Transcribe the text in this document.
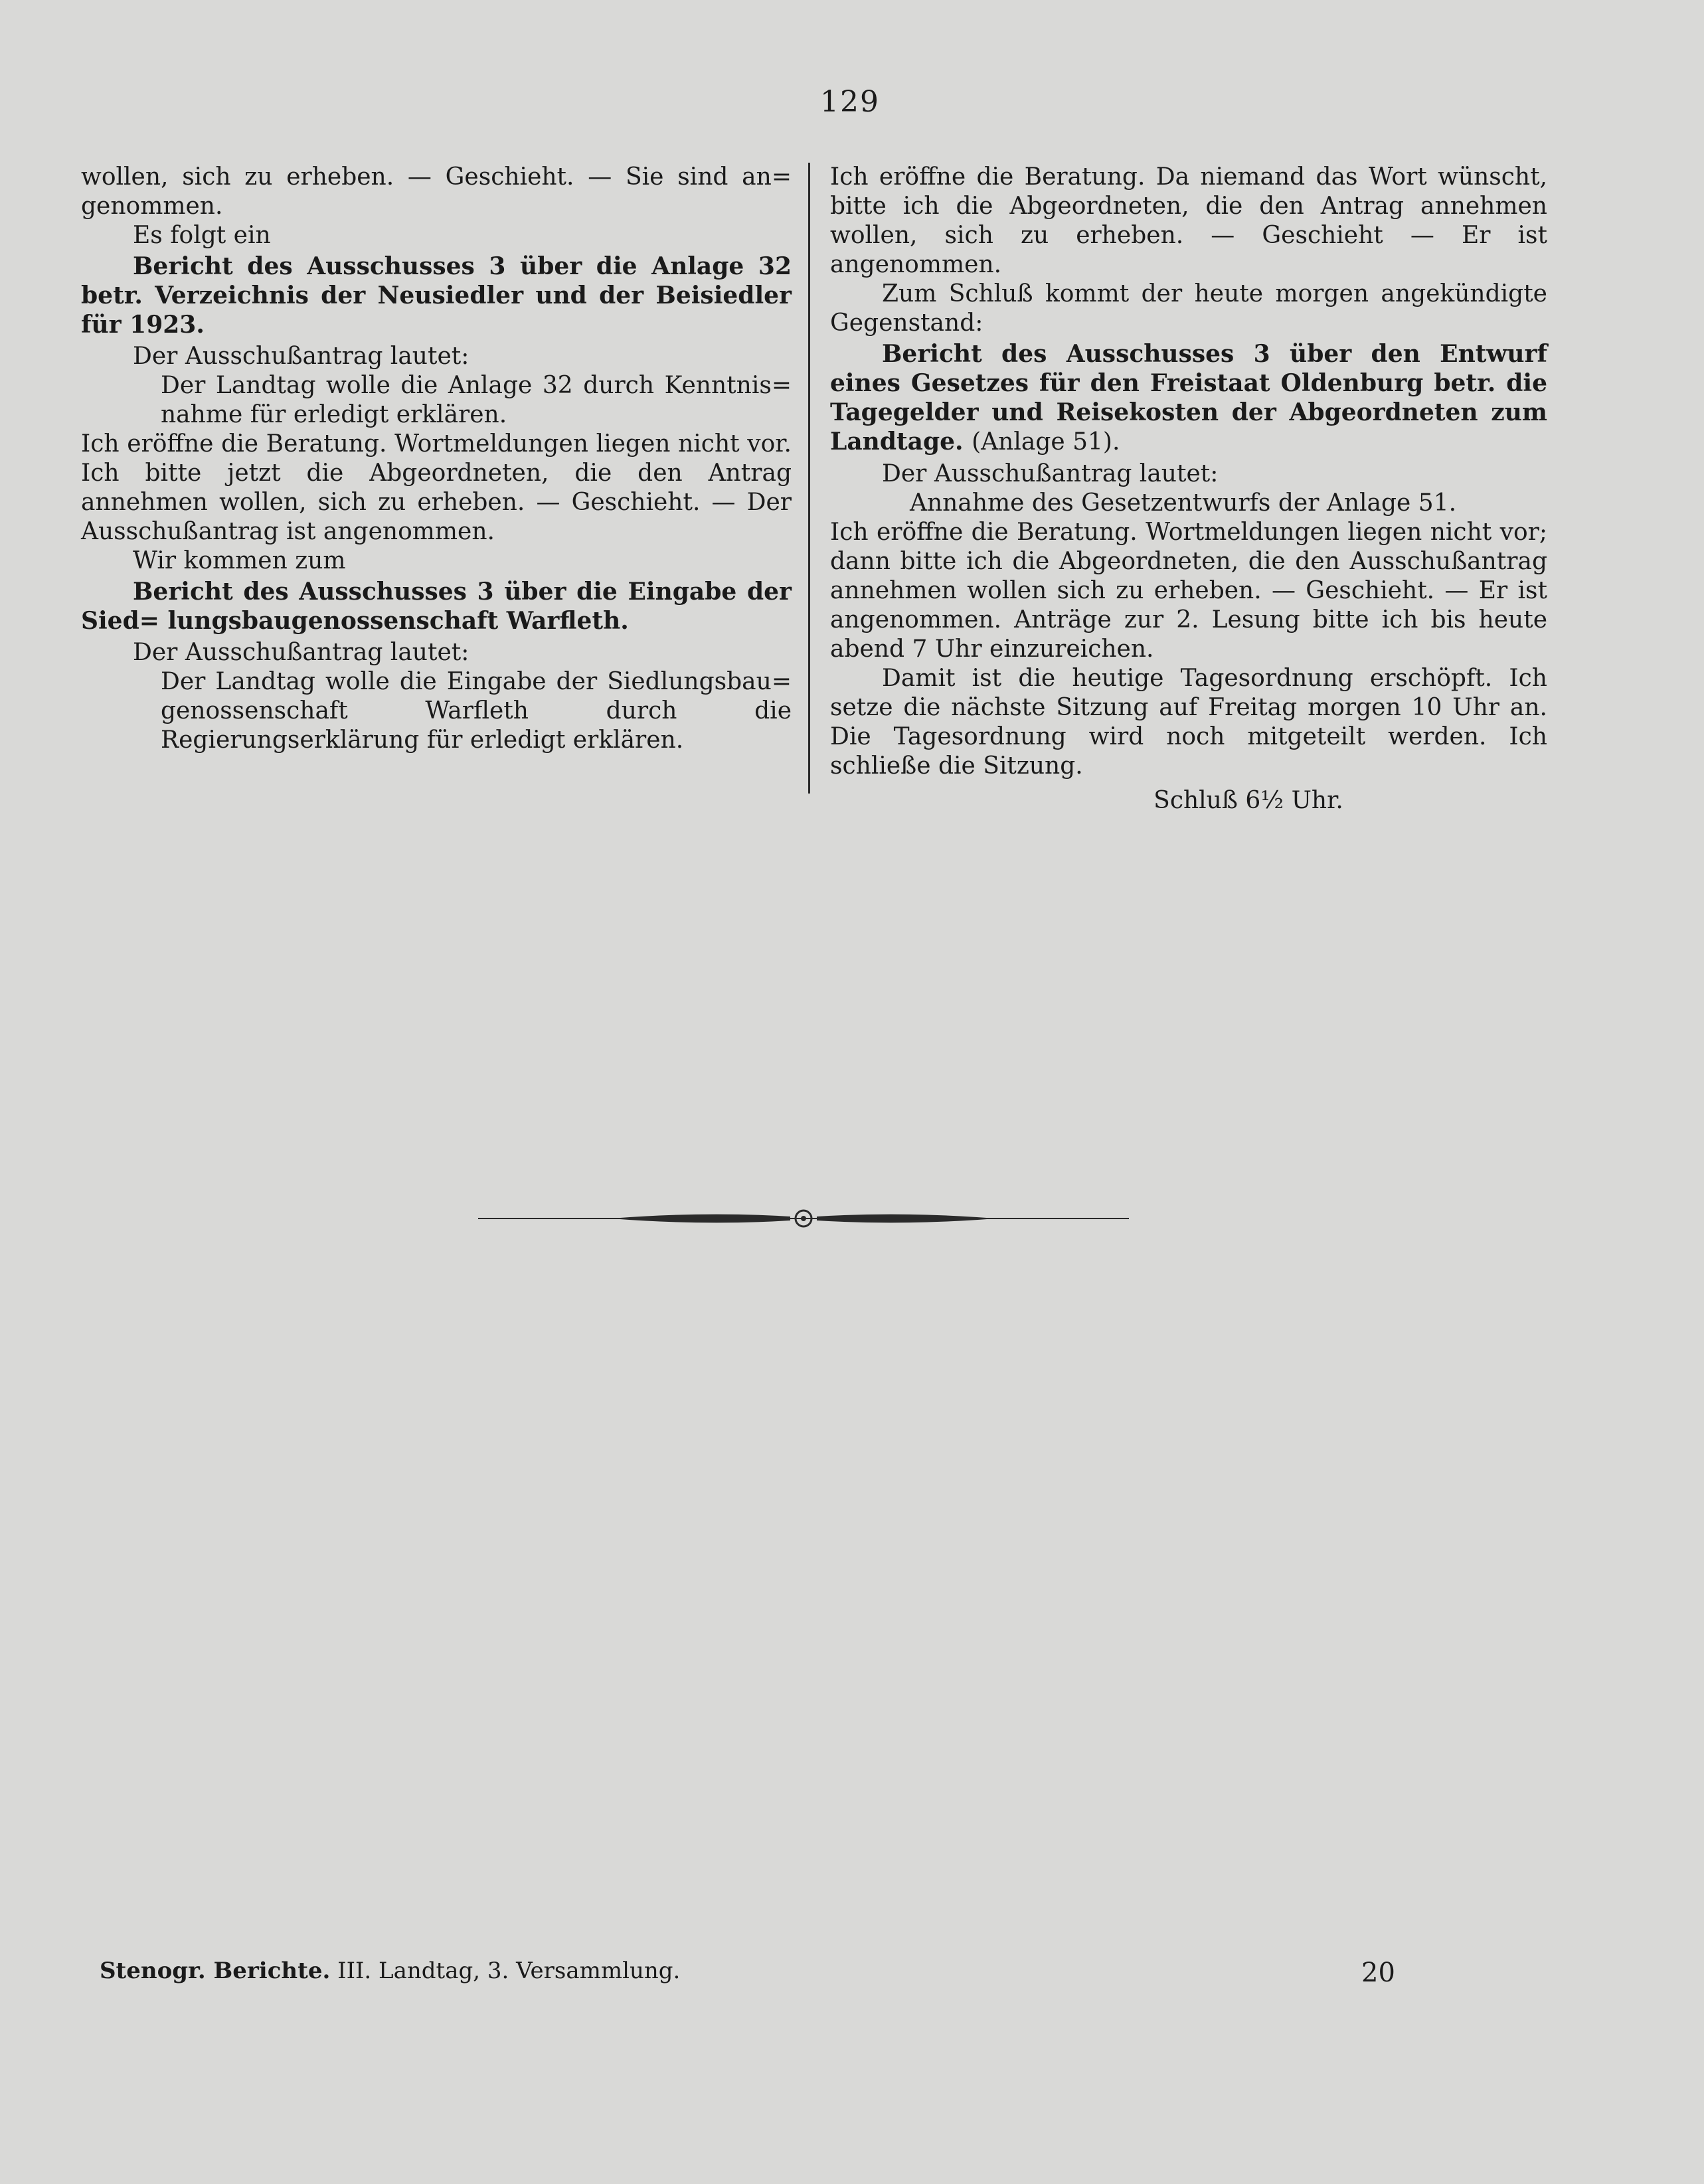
129

wollen, sich zu erheben. — Geschieht. — Sie sind an= genommen.

Es folgt ein

Bericht des Ausschusses 3 über die Anlage 32 betr. Verzeichnis der Neusiedler und der Beisiedler für 1923.

Der Ausschußantrag lautet:

Der Landtag wolle die Anlage 32 durch Kenntnis= nahme für erledigt erklären.

Ich eröffne die Beratung. Wortmeldungen liegen nicht vor. Ich bitte jetzt die Abgeordneten, die den Antrag annehmen wollen, sich zu erheben. — Geschieht. — Der Ausschußantrag ist angenommen.

Wir kommen zum

Bericht des Ausschusses 3 über die Eingabe der Sied= lungsbaugenossenschaft Warfleth.

Der Ausschußantrag lautet:

Der Landtag wolle die Eingabe der Siedlungsbau= genossenschaft Warfleth durch die Regierungserklärung für erledigt erklären.

Ich eröffne die Beratung. Da niemand das Wort wünscht, bitte ich die Abgeordneten, die den Antrag annehmen wollen, sich zu erheben. — Geschieht — Er ist angenommen.

Zum Schluß kommt der heute morgen angekündigte Gegenstand:

Bericht des Ausschusses 3 über den Entwurf eines Gesetzes für den Freistaat Oldenburg betr. die Tagegelder und Reisekosten der Abgeordneten zum Landtage. (Anlage 51).

Der Ausschußantrag lautet:

Annahme des Gesetzentwurfs der Anlage 51.

Ich eröffne die Beratung. Wortmeldungen liegen nicht vor; dann bitte ich die Abgeordneten, die den Ausschußantrag annehmen wollen sich zu erheben. — Geschieht. — Er ist angenommen. Anträge zur 2. Lesung bitte ich bis heute abend 7 Uhr einzureichen.

Damit ist die heutige Tagesordnung erschöpft. Ich setze die nächste Sitzung auf Freitag morgen 10 Uhr an. Die Tagesordnung wird noch mitgeteilt werden. Ich schließe die Sitzung.

Schluß 6½ Uhr.

Stenogr. Berichte. III. Landtag, 3. Versammlung.	20
